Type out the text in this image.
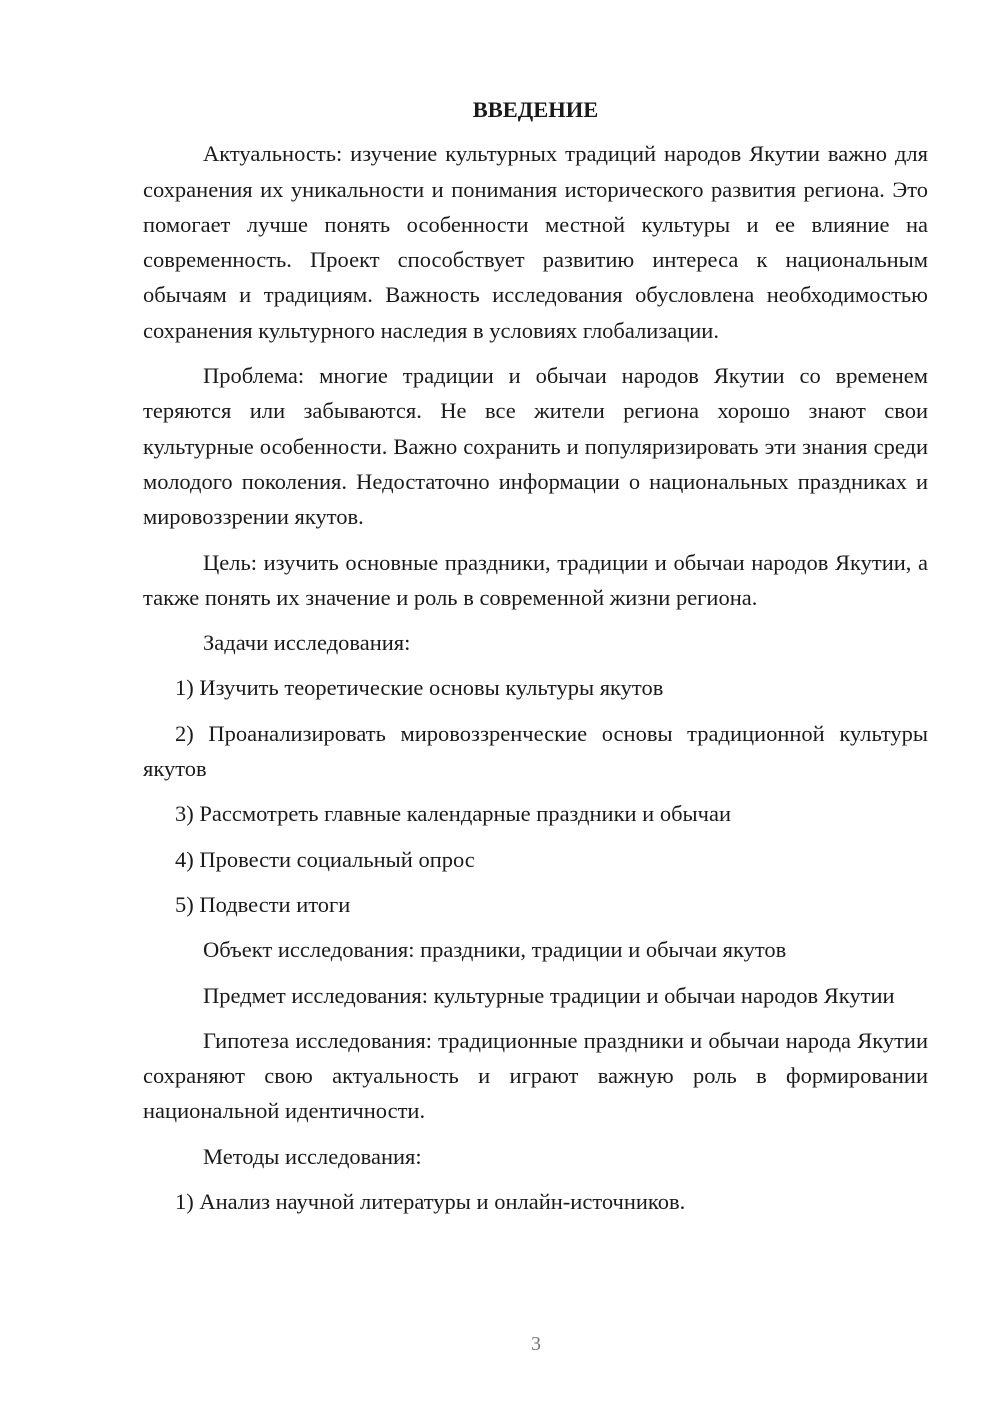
ВВЕДЕНИЕ

Актуальность: изучение культурных традиций народов Якутии важно для сохранения их уникальности и понимания исторического развития региона. Это помогает лучше понять особенности местной культуры и ее влияние на современность. Проект способствует развитию интереса к национальным обычаям и традициям. Важность исследования обусловлена необходимостью сохранения культурного наследия в условиях глобализации.

Проблема: многие традиции и обычаи народов Якутии со временем теряются или забываются. Не все жители региона хорошо знают свои культурные особенности. Важно сохранить и популяризировать эти знания среди молодого поколения. Недостаточно информации о национальных праздниках и мировоззрении якутов.

Цель: изучить основные праздники, традиции и обычаи народов Якутии, а также понять их значение и роль в современной жизни региона.

Задачи исследования:

1) Изучить теоретические основы культуры якутов

2) Проанализировать мировоззренческие основы традиционной культуры якутов

3) Рассмотреть главные календарные праздники и обычаи

4) Провести социальный опрос

5) Подвести итоги

Объект исследования: праздники, традиции и обычаи якутов

Предмет исследования: культурные традиции и обычаи народов Якутии

Гипотеза исследования: традиционные праздники и обычаи народа Якутии сохраняют свою актуальность и играют важную роль в формировании национальной идентичности.

Методы исследования:

1) Анализ научной литературы и онлайн-источников.

3
